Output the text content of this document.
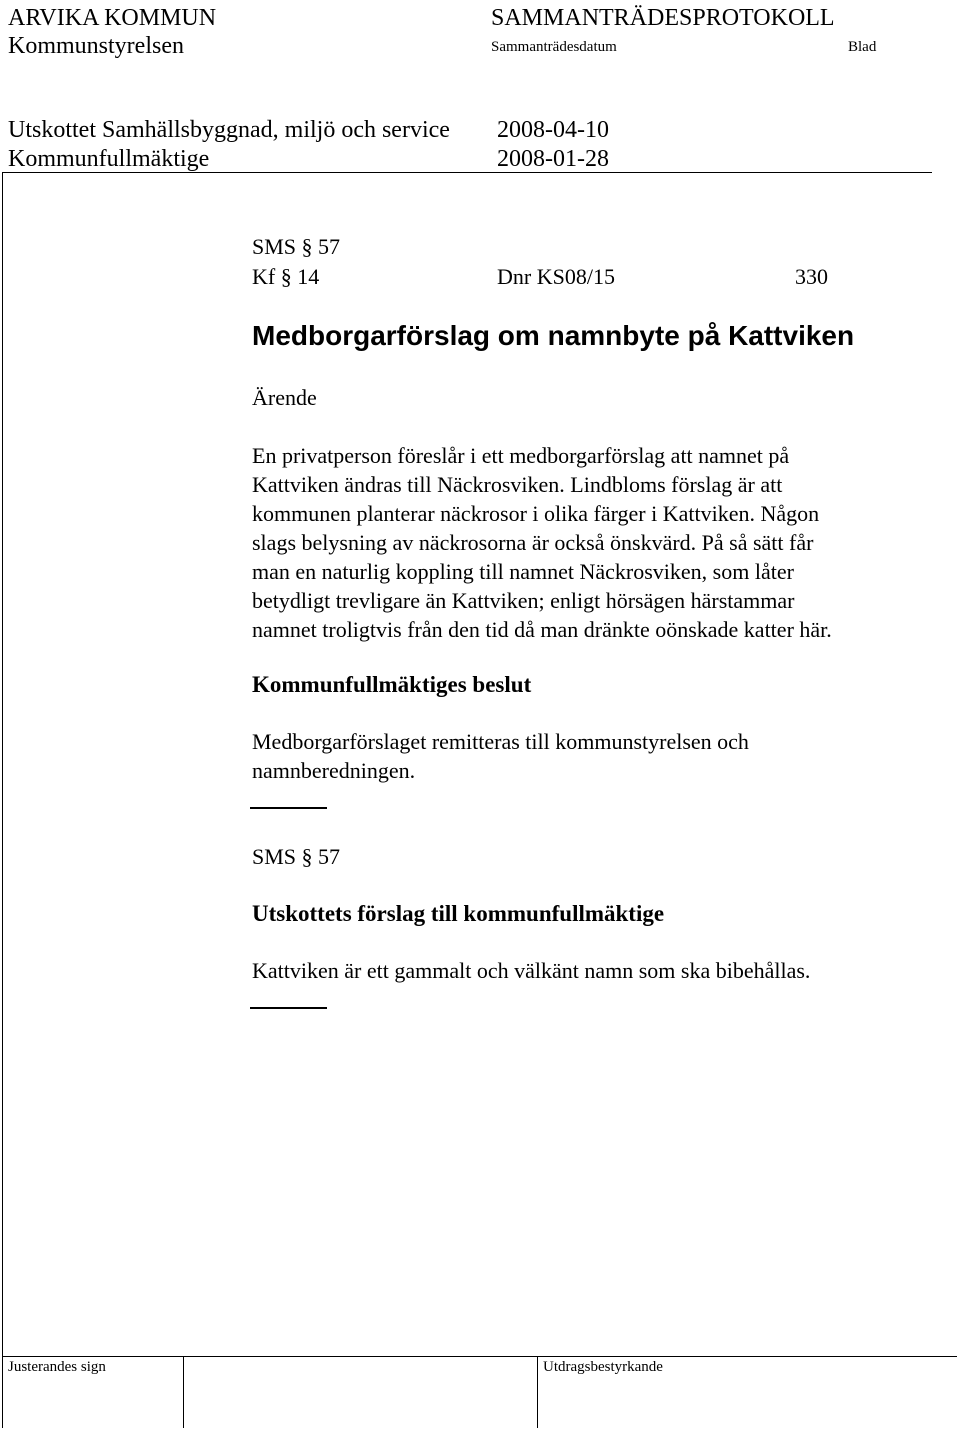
ARVIKA KOMMUN	SAMMANTRÄDESPROTOKOLL
Kommunstyrelsen	Sammanträdesdatum	Blad
Utskottet Samhällsbyggnad, miljö och service 2008-04-10
Kommunfullmäktige	2008-01-28
SMS § 57
Kf § 14	Dnr KS08/15	330
Medborgarförslag om namnbyte på Kattviken
Ärende
En privatperson föreslår i ett medborgarförslag att namnet på
Kattviken ändras till Näckrosviken. Lindbloms förslag är att
kommunen planterar näckrosor i olika färger i Kattviken. Någon
slags belysning av näckrosorna är också önskvärd. På så sätt får
man en naturlig koppling till namnet Näckrosviken, som låter
betydligt trevligare än Kattviken; enligt hörsägen härstammar
namnet troligtvis från den tid då man dränkte oönskade katter här.
Kommunfullmäktiges beslut
Medborgarförslaget remitteras till kommunstyrelsen och
namnberedningen.
SMS § 57
Utskottets förslag till kommunfullmäktige
Kattviken är ett gammalt och välkänt namn som ska bibehållas.
Justerandes sign	Utdragsbestyrkande
